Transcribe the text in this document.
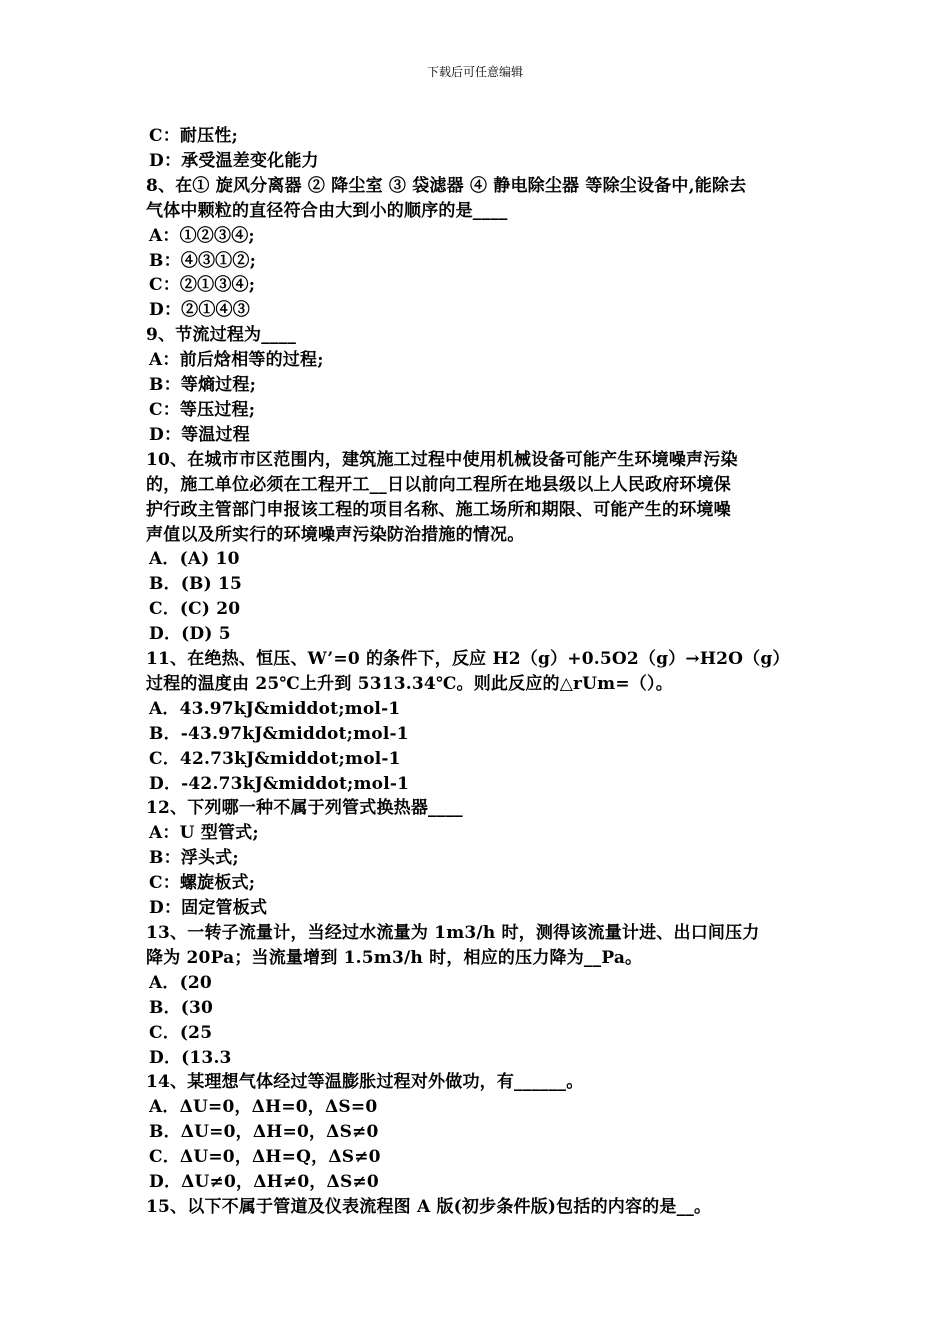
下载后可任意编辑
C：耐压性;
D：承受温差变化能力
8、在① 旋风分离器 ② 降尘室 ③ 袋滤器 ④ 静电除尘器 等除尘设备中,能除去
气体中颗粒的直径符合由大到小的顺序的是____
A：①②③④;
B：④③①②;
C：②①③④;
D：②①④③
9、节流过程为____
A：前后焓相等的过程;
B：等熵过程;
C：等压过程;
D：等温过程
10、在城市市区范围内，建筑施工过程中使用机械设备可能产生环境噪声污染
的，施工单位必须在工程开工__日以前向工程所在地县级以上人民政府环境保
护行政主管部门申报该工程的项目名称、施工场所和期限、可能产生的环境噪
声值以及所实行的环境噪声污染防治措施的情况。
A．(A) 10
B．(B) 15
C．(C) 20
D．(D) 5
11、在绝热、恒压、W’=0 的条件下，反应 H2（g）+0.5O2（g）→H2O（g）
过程的温度由 25℃上升到 5313.34℃。则此反应的△rUm=（）。
A．43.97kJ&middot;mol-1
B．-43.97kJ&middot;mol-1
C．42.73kJ&middot;mol-1
D．-42.73kJ&middot;mol-1
12、下列哪一种不属于列管式换热器____
A：U 型管式;
B：浮头式;
C：螺旋板式;
D：固定管板式
13、一转子流量计，当经过水流量为 1m3/h 时，测得该流量计进、出口间压力
降为 20Pa；当流量增到 1.5m3/h 时，相应的压力降为__Pa。
A．(20
B．(30
C．(25
D．(13.3
14、某理想气体经过等温膨胀过程对外做功，有______。
A．ΔU=0，ΔH=0，ΔS=0
B．ΔU=0，ΔH=0，ΔS≠0
C．ΔU=0，ΔH=Q，ΔS≠0
D．ΔU≠0，ΔH≠0，ΔS≠0
15、以下不属于管道及仪表流程图 A 版(初步条件版)包括的内容的是__。
